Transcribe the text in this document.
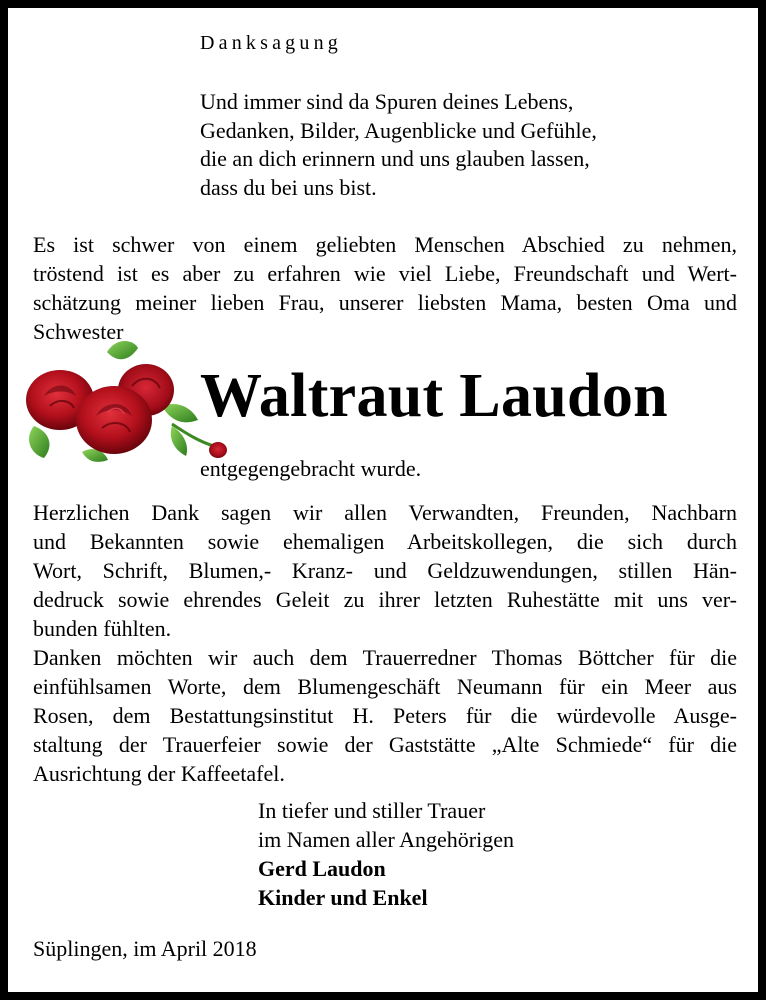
Danksagung
Und immer sind da Spuren deines Lebens,
Gedanken, Bilder, Augenblicke und Gefühle,
die an dich erinnern und uns glauben lassen,
dass du bei uns bist.
Es ist schwer von einem geliebten Menschen Abschied zu nehmen,
tröstend ist es aber zu erfahren wie viel Liebe, Freundschaft und Wert-
schätzung meiner lieben Frau, unserer liebsten Mama, besten Oma und
Schwester
Waltraut Laudon
entgegengebracht wurde.
Herzlichen Dank sagen wir allen Verwandten, Freunden, Nachbarn
und Bekannten sowie ehemaligen Arbeitskollegen, die sich durch
Wort, Schrift, Blumen,- Kranz- und Geldzuwendungen, stillen Hän-
dedruck sowie ehrendes Geleit zu ihrer letzten Ruhestätte mit uns ver-
bunden fühlten.
Danken möchten wir auch dem Trauerredner Thomas Böttcher für die
einfühlsamen Worte, dem Blumengeschäft Neumann für ein Meer aus
Rosen, dem Bestattungsinstitut H. Peters für die würdevolle Ausge-
staltung der Trauerfeier sowie der Gaststätte „Alte Schmiede“ für die
Ausrichtung der Kaffeetafel.
In tiefer und stiller Trauer
im Namen aller Angehörigen
Gerd Laudon
Kinder und Enkel
Süplingen, im April 2018
